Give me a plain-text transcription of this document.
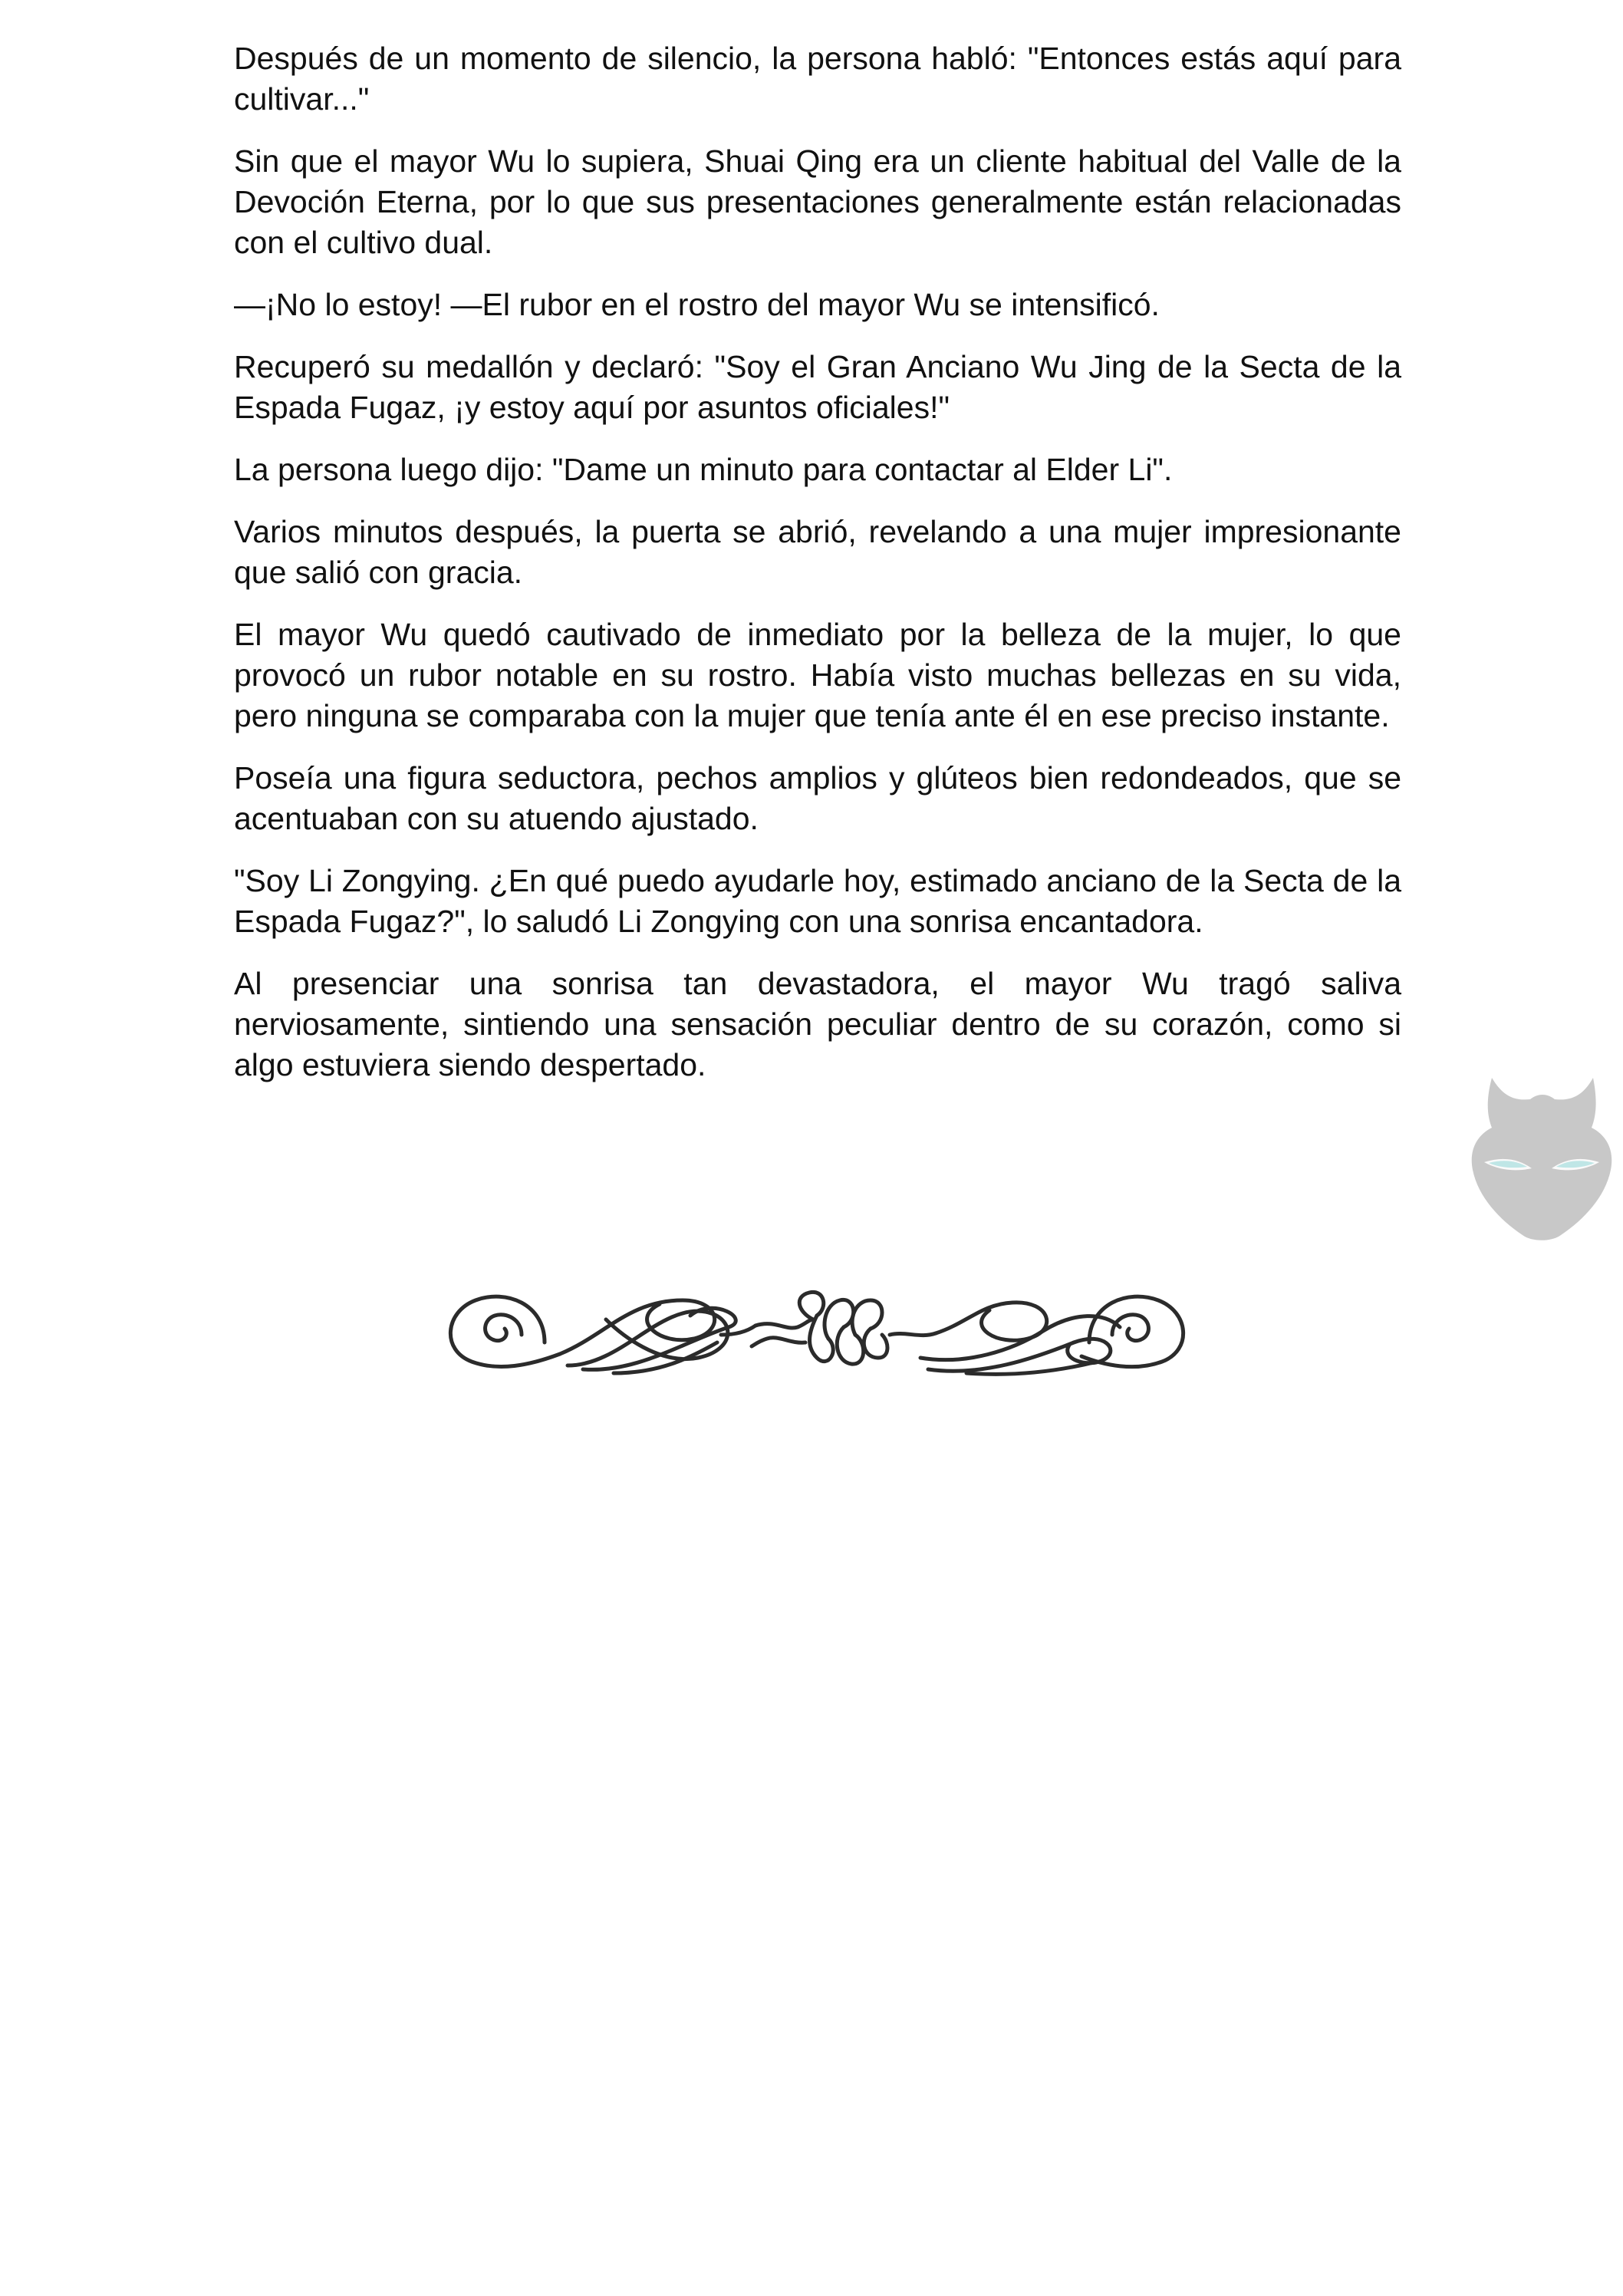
Después de un momento de silencio, la persona habló: "Entonces estás aquí para cultivar..."

Sin que el mayor Wu lo supiera, Shuai Qing era un cliente habitual del Valle de la Devoción Eterna, por lo que sus presentaciones generalmente están relacionadas con el cultivo dual.

—¡No lo estoy! —El rubor en el rostro del mayor Wu se intensificó.

Recuperó su medallón y declaró: "Soy el Gran Anciano Wu Jing de la Secta de la Espada Fugaz, ¡y estoy aquí por asuntos oficiales!"

La persona luego dijo: "Dame un minuto para contactar al Elder Li".

Varios minutos después, la puerta se abrió, revelando a una mujer impresionante que salió con gracia.

El mayor Wu quedó cautivado de inmediato por la belleza de la mujer, lo que provocó un rubor notable en su rostro. Había visto muchas bellezas en su vida, pero ninguna se comparaba con la mujer que tenía ante él en ese preciso instante.

Poseía una figura seductora, pechos amplios y glúteos bien redondeados, que se acentuaban con su atuendo ajustado.

"Soy Li Zongying. ¿En qué puedo ayudarle hoy, estimado anciano de la Secta de la Espada Fugaz?", lo saludó Li Zongying con una sonrisa encantadora.

Al presenciar una sonrisa tan devastadora, el mayor Wu tragó saliva nerviosamente, sintiendo una sensación peculiar dentro de su corazón, como si algo estuviera siendo despertado.
